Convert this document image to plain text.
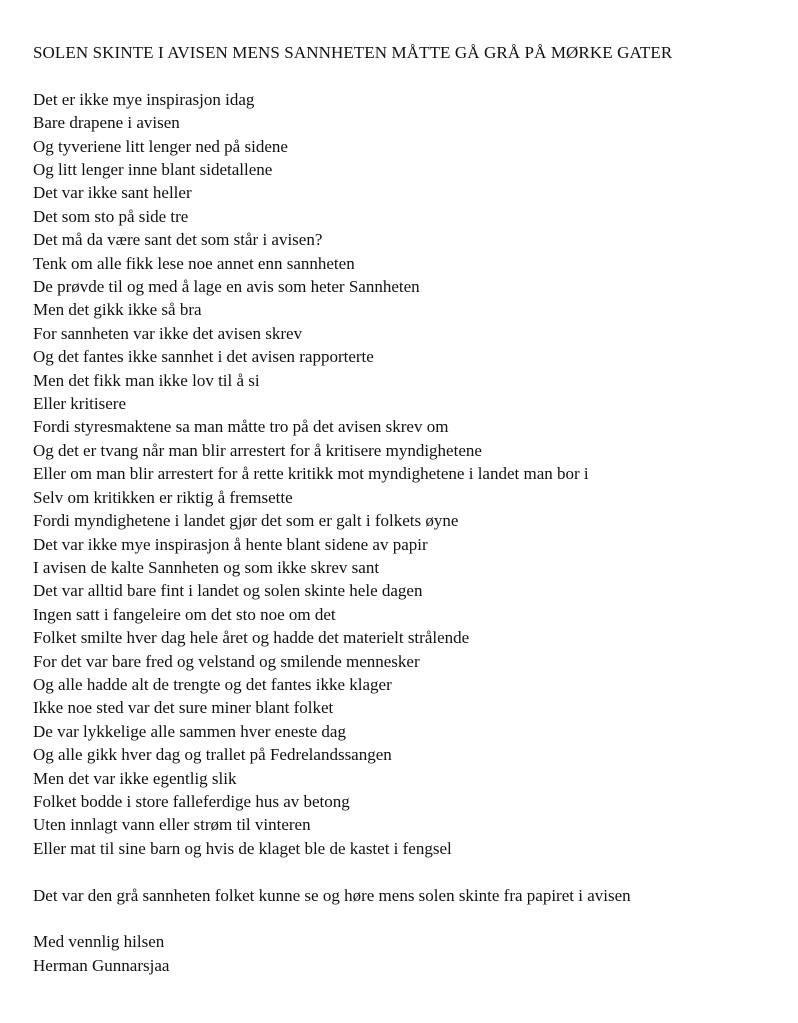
SOLEN SKINTE I AVISEN MENS SANNHETEN MÅTTE GÅ GRÅ PÅ MØRKE GATER
Det er ikke mye inspirasjon idag
Bare drapene i avisen
Og tyveriene litt lenger ned på sidene
Og litt lenger inne blant sidetallene
Det var ikke sant heller
Det som sto på side tre
Det må da være sant det som står i avisen?
Tenk om alle fikk lese noe annet enn sannheten
De prøvde til og med å lage en avis som heter Sannheten
Men det gikk ikke så bra
For sannheten var ikke det avisen skrev
Og det fantes ikke sannhet i det avisen rapporterte
Men det fikk man ikke lov til å si
Eller kritisere
Fordi styresmaktene sa man måtte tro på det avisen skrev om
Og det er tvang når man blir arrestert for å kritisere myndighetene
Eller om man blir arrestert for å rette kritikk mot myndighetene i landet man bor i
Selv om kritikken er riktig å fremsette
Fordi myndighetene i landet gjør det som er galt i folkets øyne
Det var ikke mye inspirasjon å hente blant sidene av papir
I avisen de kalte Sannheten og som ikke skrev sant
Det var alltid bare fint i landet og solen skinte hele dagen
Ingen satt i fangeleire om det sto noe om det
Folket smilte hver dag hele året og hadde det materielt strålende
For det var bare fred og velstand og smilende mennesker
Og alle hadde alt de trengte og det fantes ikke klager
Ikke noe sted var det sure miner blant folket
De var lykkelige alle sammen hver eneste dag
Og alle gikk hver dag og trallet på Fedrelandssangen
Men det var ikke egentlig slik
Folket bodde i store falleferdige hus av betong
Uten innlagt vann eller strøm til vinteren
Eller mat til sine barn og hvis de klaget ble de kastet i fengsel
Det var den grå sannheten folket kunne se og høre mens solen skinte fra papiret i avisen
Med vennlig hilsen
Herman Gunnarsjaa
